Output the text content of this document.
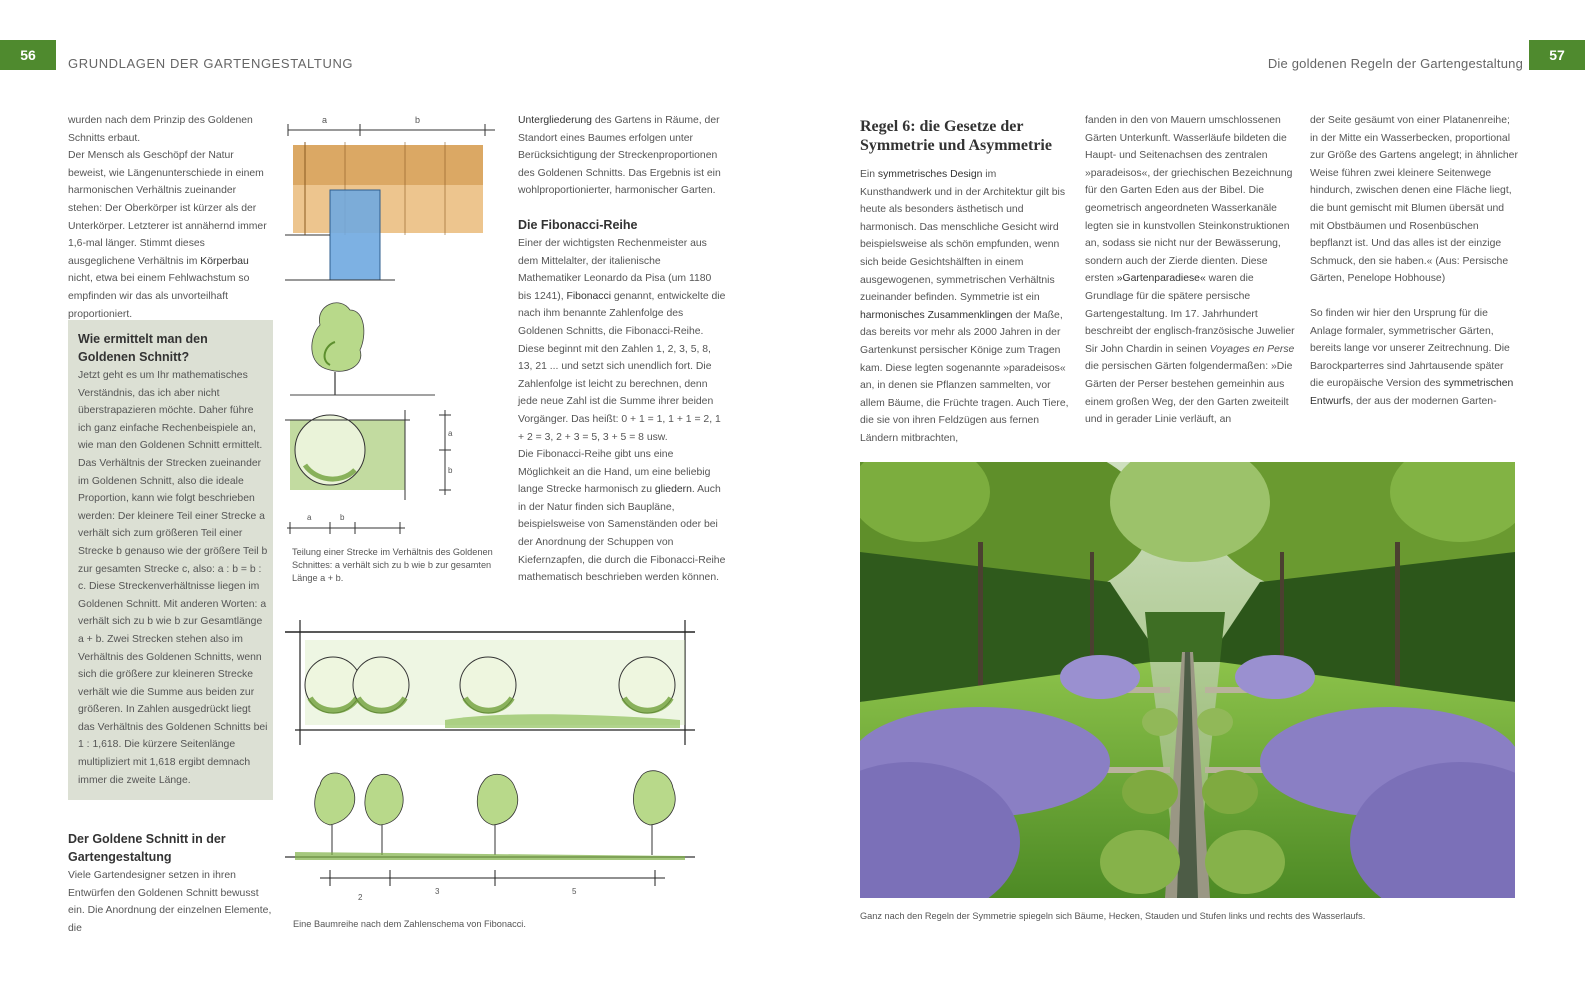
56
GRUNDLAGEN DER GARTENGESTALTUNG

wurden nach dem Prinzip des Goldenen Schnitts erbaut.

Der Mensch als Geschöpf der Natur beweist, wie Längenunterschiede in einem harmonischen Verhältnis zueinander stehen: Der Oberkörper ist kürzer als der Unterkörper. Letzterer ist annähernd immer 1,6-mal länger. Stimmt dieses ausgeglichene Verhältnis im Körperbau nicht, etwa bei einem Fehlwachstum so empfinden wir das als unvorteilhaft proportioniert.

Wie ermittelt man den Goldenen Schnitt?

Jetzt geht es um Ihr mathematisches Verständnis, das ich aber nicht überstrapazieren möchte. Daher führe ich ganz einfache Rechenbeispiele an, wie man den Goldenen Schnitt ermittelt. Das Verhältnis der Strecken zueinander im Goldenen Schnitt, also die ideale Proportion, kann wie folgt beschrieben werden: Der kleinere Teil einer Strecke a verhält sich zum größeren Teil einer Strecke b genauso wie der größere Teil b zur gesamten Strecke c, also: a : b = b : c. Diese Streckenverhältnisse liegen im Goldenen Schnitt. Mit anderen Worten: a verhält sich zu b wie b zur Gesamtlänge a + b. Zwei Strecken stehen also im Verhältnis des Goldenen Schnitts, wenn sich die größere zur kleineren Strecke verhält wie die Summe aus beiden zur größeren. In Zahlen ausgedrückt liegt das Verhältnis des Goldenen Schnitts bei 1 : 1,618. Die kürzere Seitenlänge multipliziert mit 1,618 ergibt demnach immer die zweite Länge.

Der Goldene Schnitt in der Gartengestaltung

Viele Gartendesigner setzen in ihren Entwürfen den Goldenen Schnitt bewusst ein. Die Anordnung der einzelnen Elemente, die

a	b
a
b
a	b
Teilung einer Strecke im Verhältnis des Goldenen Schnittes: a verhält sich zu b wie b zur gesamten Länge a + b.
2
3	5
Eine Baumreihe nach dem Zahlenschema von Fibonacci.

Untergliederung des Gartens in Räume, der Standort eines Baumes erfolgen unter Berücksichtigung der Streckenproportionen des Goldenen Schnitts. Das Ergebnis ist ein wohlproportionierter, harmonischer Garten.

Die Fibonacci-Reihe

Einer der wichtigsten Rechenmeister aus dem Mittelalter, der italienische Mathematiker Leonardo da Pisa (um 1180 bis 1241), Fibonacci genannt, entwickelte die nach ihm benannte Zahlenfolge des Goldenen Schnitts, die Fibonacci-Reihe. Diese beginnt mit den Zahlen 1, 2, 3, 5, 8, 13, 21 ... und setzt sich unendlich fort. Die Zahlenfolge ist leicht zu berechnen, denn jede neue Zahl ist die Summe ihrer beiden Vorgänger. Das heißt: 0 + 1 = 1, 1 + 1 = 2, 1 + 2 = 3, 2 + 3 = 5, 3 + 5 = 8 usw.

Die Fibonacci-Reihe gibt uns eine Möglichkeit an die Hand, um eine beliebig lange Strecke harmonisch zu gliedern. Auch in der Natur finden sich Baupläne, beispielsweise von Samenständen oder bei der Anordnung der Schuppen von Kiefernzapfen, die durch die Fibonacci-Reihe mathematisch beschrieben werden können.

Die goldenen Regeln der Gartengestaltung
57
Regel 6: die Gesetze der Symmetrie und Asymmetrie

Ein symmetrisches Design im Kunsthandwerk und in der Architektur gilt bis heute als besonders ästhetisch und harmonisch. Das menschliche Gesicht wird beispielsweise als schön empfunden, wenn sich beide Gesichtshälften in einem ausgewogenen, symmetrischen Verhältnis zueinander befinden. Symmetrie ist ein harmonisches Zusammenklingen der Maße, das bereits vor mehr als 2000 Jahren in der Gartenkunst persischer Könige zum Tragen kam. Diese legten sogenannte »paradeisos« an, in denen sie Pflanzen sammelten, vor allem Bäume, die Früchte tragen. Auch Tiere, die sie von ihren Feldzügen aus fernen Ländern mitbrachten,

fanden in den von Mauern umschlossenen Gärten Unterkunft. Wasserläufe bildeten die Haupt- und Seitenachsen des zentralen »paradeisos«, der griechischen Bezeichnung für den Garten Eden aus der Bibel. Die geometrisch angeordneten Wasserkanäle legten sie in kunstvollen Steinkonstruktionen an, sodass sie nicht nur der Bewässerung, sondern auch der Zierde dienten. Diese ersten »Gartenparadiese« waren die Grundlage für die spätere persische Gartengestaltung. Im 17. Jahrhundert beschreibt der englisch-französische Juwelier Sir John Chardin in seinen Voyages en Perse die persischen Gärten folgendermaßen: »Die Gärten der Perser bestehen gemeinhin aus einem großen Weg, der den Garten zweiteilt und in gerader Linie verläuft, an

der Seite gesäumt von einer Platanenreihe; in der Mitte ein Wasserbecken, proportional zur Größe des Gartens angelegt; in ähnlicher Weise führen zwei kleinere Seitenwege hindurch, zwischen denen eine Fläche liegt, die bunt gemischt mit Blumen übersät und mit Obstbäumen und Rosenbüschen bepflanzt ist. Und das alles ist der einzige Schmuck, den sie haben.« (Aus: Persische Gärten, Penelope Hobhouse)

So finden wir hier den Ursprung für die Anlage formaler, symmetrischer Gärten, bereits lange vor unserer Zeitrechnung. Die Barockparterres sind Jahrtausende später die europäische Version des symmetrischen Entwurfs, der aus der modernen Garten-

Ganz nach den Regeln der Symmetrie spiegeln sich Bäume, Hecken, Stauden und Stufen links und rechts des Wasserlaufs.
